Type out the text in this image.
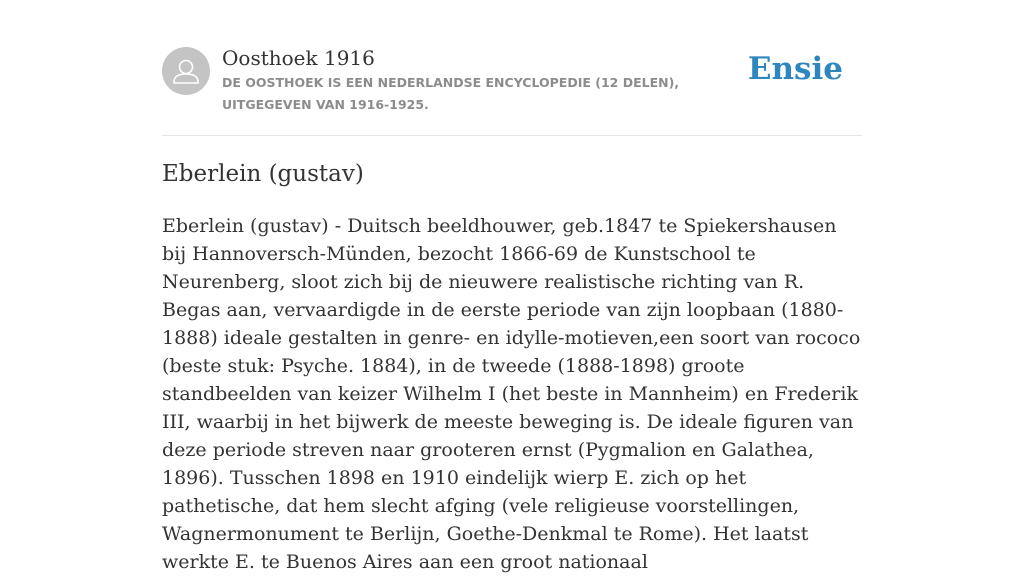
Oosthoek 1916

DE OOSTHOEK IS EEN NEDERLANDSE ENCYCLOPEDIE (12 DELEN), UITGEGEVEN VAN 1916-1925.

Ensie
Eberlein (gustav)

Eberlein (gustav) - Duitsch beeldhouwer, geb.1847 te Spiekershausen bij Hannoversch-Münden, bezocht 1866-69 de Kunstschool te Neurenberg, sloot zich bij de nieuwere realistische richting van R. Begas aan, vervaardigde in de eerste periode van zijn loopbaan (1880-1888) ideale gestalten in genre- en idylle-motieven,een soort van rococo (beste stuk: Psyche. 1884), in de tweede (1888-1898) groote standbeelden van keizer Wilhelm I (het beste in Mannheim) en Frederik III, waarbij in het bijwerk de meeste beweging is. De ideale figuren van deze periode streven naar grooteren ernst (Pygmalion en Galathea, 1896). Tusschen 1898 en 1910 eindelijk wierp E. zich op het pathetische, dat hem slecht afging (vele religieuse voorstellingen, Wagnermonument te Berlijn, Goethe-Denkmal te Rome). Het laatst werkte E. te Buenos Aires aan een groot nationaal
